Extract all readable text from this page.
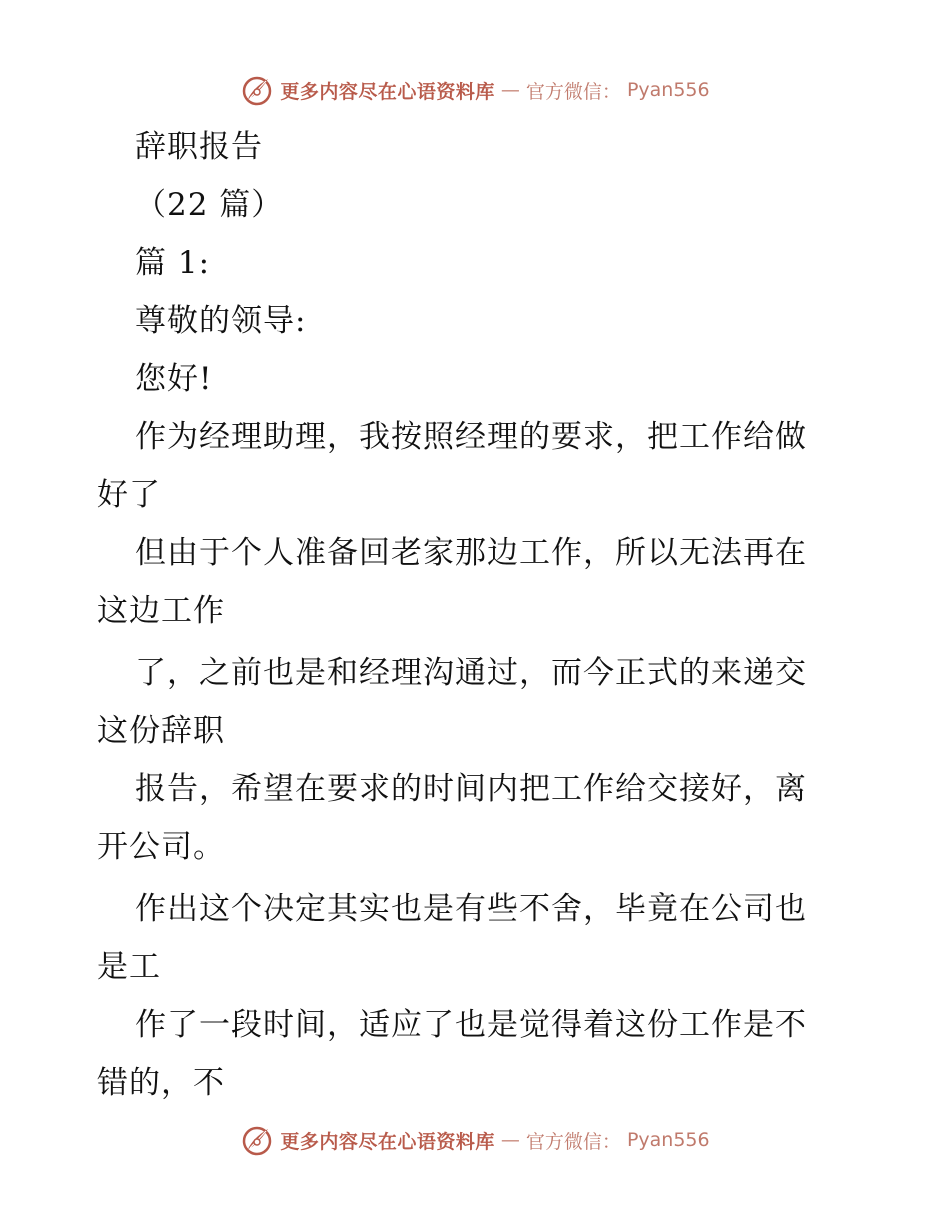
更多内容尽在心语资料库 — 官方微信： Pyan556
辞职报告
（22 篇）
篇 1:
尊敬的领导:
您好!
作为经理助理，我按照经理的要求，把工作给做
好了
但由于个人准备回老家那边工作，所以无法再在
这边工作
了，之前也是和经理沟通过，而今正式的来递交
这份辞职
报告，希望在要求的时间内把工作给交接好，离
开公司。
作出这个决定其实也是有些不舍，毕竟在公司也
是工
作了一段时间，适应了也是觉得着这份工作是不
错的，不
更多内容尽在心语资料库 — 官方微信： Pyan556
